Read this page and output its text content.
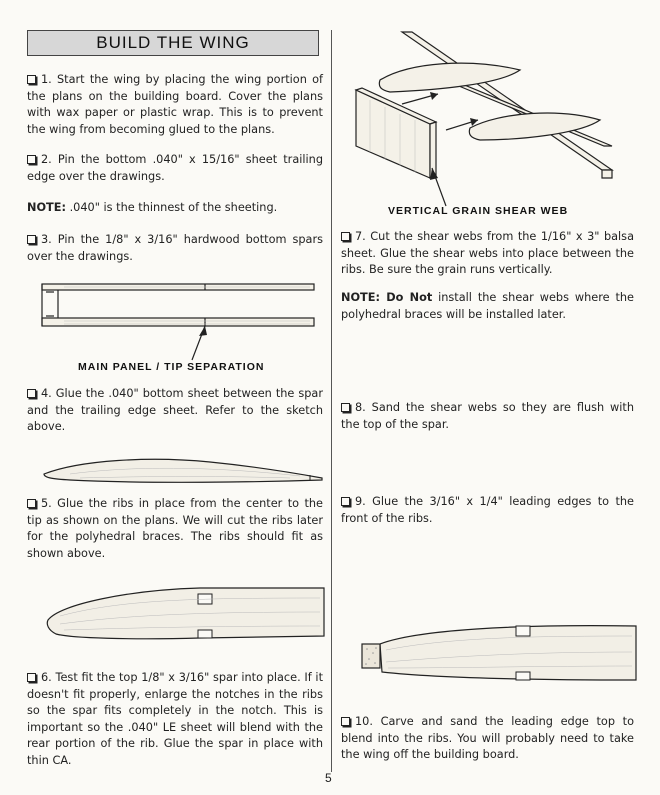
BUILD THE WING

1. Start the wing by placing the wing portion of the plans on the building board. Cover the plans with wax paper or plastic wrap. This is to prevent the wing from becoming glued to the plans.

2. Pin the bottom .040" x 15/16" sheet trailing edge over the drawings.

NOTE: .040" is the thinnest of the sheeting.

3. Pin the 1/8" x 3/16" hardwood bottom spars over the drawings.

MAIN PANEL / TIP SEPARATION

4. Glue the .040" bottom sheet between the spar and the trailing edge sheet. Refer to the sketch above.

5. Glue the ribs in place from the center to the tip as shown on the plans. We will cut the ribs later for the polyhedral braces. The ribs should fit as shown above.

6. Test fit the top 1/8" x 3/16" spar into place. If it doesn't fit properly, enlarge the notches in the ribs so the spar fits completely in the notch. This is important so the .040" LE sheet will blend with the rear portion of the rib. Glue the spar in place with thin CA.

VERTICAL GRAIN SHEAR WEB

7. Cut the shear webs from the 1/16" x 3" balsa sheet. Glue the shear webs into place between the ribs. Be sure the grain runs vertically.

NOTE: Do Not install the shear webs where the polyhedral braces will be installed later.

8. Sand the shear webs so they are flush with the top of the spar.

9. Glue the 3/16" x 1/4" leading edges to the front of the ribs.

10. Carve and sand the leading edge top to blend into the ribs. You will probably need to take the wing off the building board.

5
